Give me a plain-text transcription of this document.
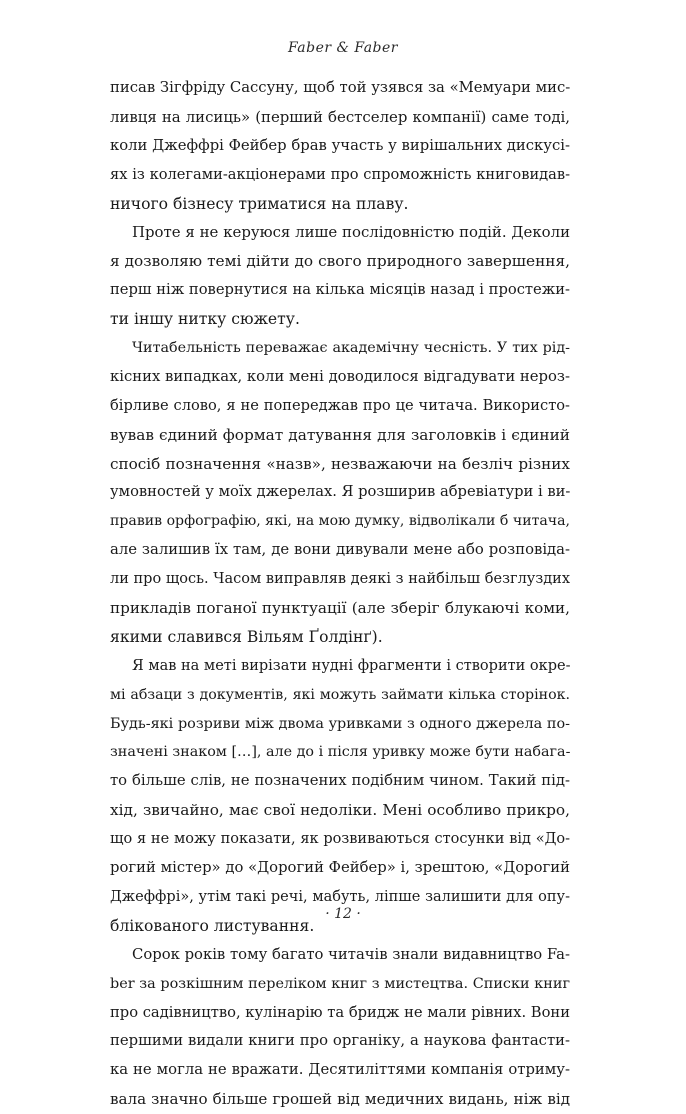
Faber & Faber
писав Зігфріду Сассуну, щоб той узявся за «Мемуари мис-
ливця на лисиць» (перший бестселер компанії) саме тоді,
коли Джеффрі Фейбер брав участь у вирішальних дискусі-
ях із колегами-акціонерами про спроможність книговидав-
ничого бізнесу триматися на плаву.
Проте я не керуюся лише послідовністю подій. Деколи
я дозволяю темі дійти до свого природного завершення,
перш ніж повернутися на кілька місяців назад і простежи-
ти іншу нитку сюжету.
Читабельність переважає академічну чесність. У тих рід-
кісних випадках, коли мені доводилося відгадувати нероз-
бірливе слово, я не попереджав про це читача. Використо-
вував єдиний формат датування для заголовків і єдиний
спосіб позначення «назв», незважаючи на безліч різних
умовностей у моїх джерелах. Я розширив абревіатури і ви-
правив орфографію, які, на мою думку, відволікали б читача,
але залишив їх там, де вони дивували мене або розповіда-
ли про щось. Часом виправляв деякі з найбільш безглуздих
прикладів поганої пунктуації (але зберіг блукаючі коми,
якими славився Вільям Ґолдінґ).
Я мав на меті вирізати нудні фрагменти і створити окре-
мі абзаци з документів, які можуть займати кілька сторінок.
Будь-які розриви між двома уривками з одного джерела по-
значені знаком […], але до і після уривку може бути набага-
то більше слів, не позначених подібним чином. Такий під-
хід, звичайно, має свої недоліки. Мені особливо прикро,
що я не можу показати, як розвиваються стосунки від «До-
рогий містер» до «Дорогий Фейбер» і, зрештою, «Дорогий
Джеффрі», утім такі речі, мабуть, ліпше залишити для опу-
блікованого листування.
Сорок років тому багато читачів знали видавництво Fa-
ber за розкішним переліком книг з мистецтва. Списки книг
про садівництво, кулінарію та бридж не мали рівних. Вони
першими видали книги про органіку, а наукова фантасти-
ка не могла не вражати. Десятиліттями компанія отриму-
вала значно більше грошей від медичних видань, ніж від
· 12 ·
